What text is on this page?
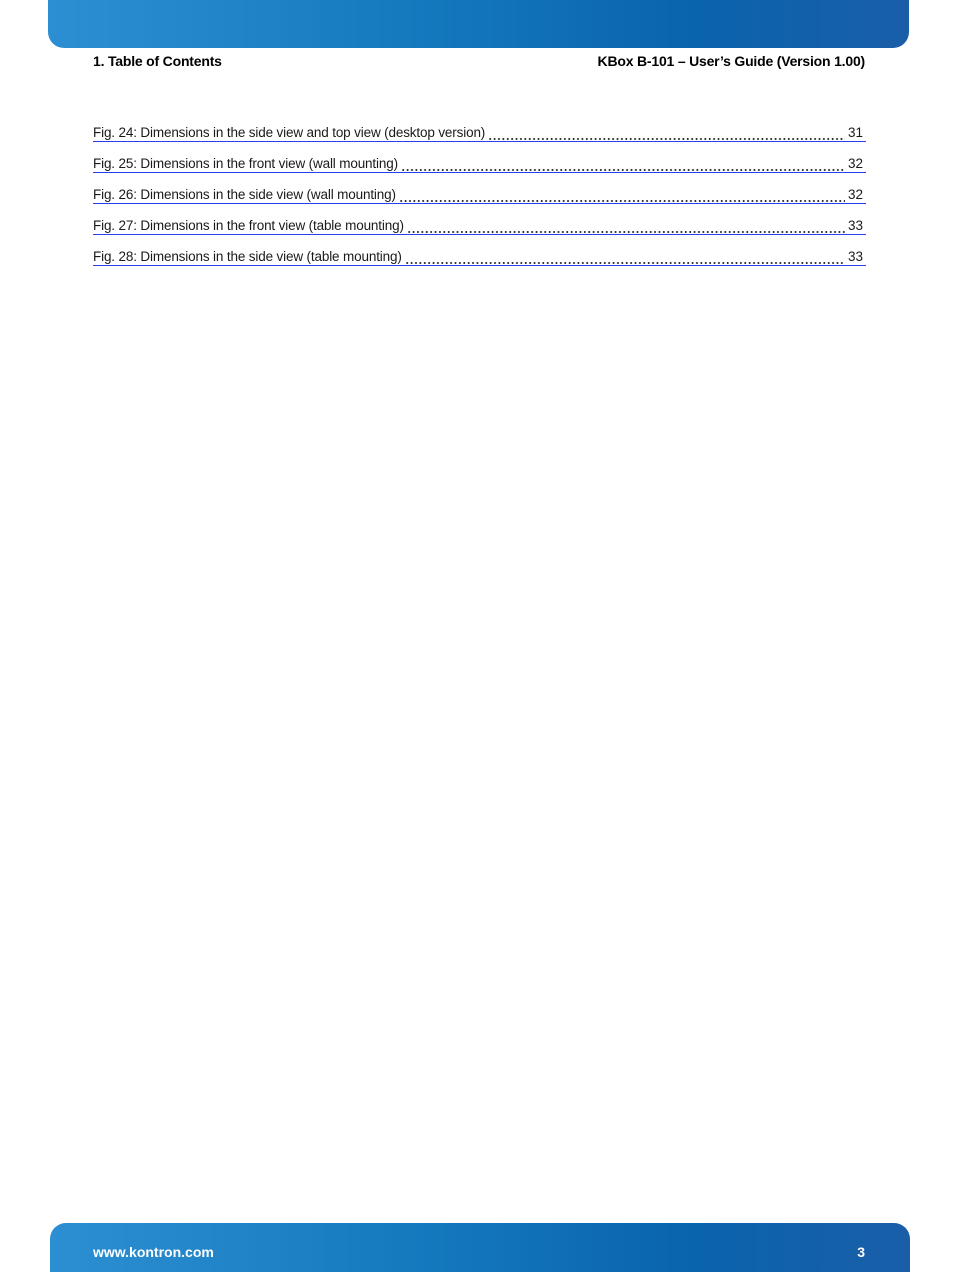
1. Table of Contents	KBox B-101 – User’s Guide (Version 1.00)
Fig. 24: Dimensions in the side view and top view (desktop version)	31
Fig. 25: Dimensions in the front view (wall mounting)	32
Fig. 26: Dimensions in the side view (wall mounting)	32
Fig. 27: Dimensions in the front view (table mounting)	33
Fig. 28: Dimensions in the side view (table mounting)	33
www.kontron.com	3
